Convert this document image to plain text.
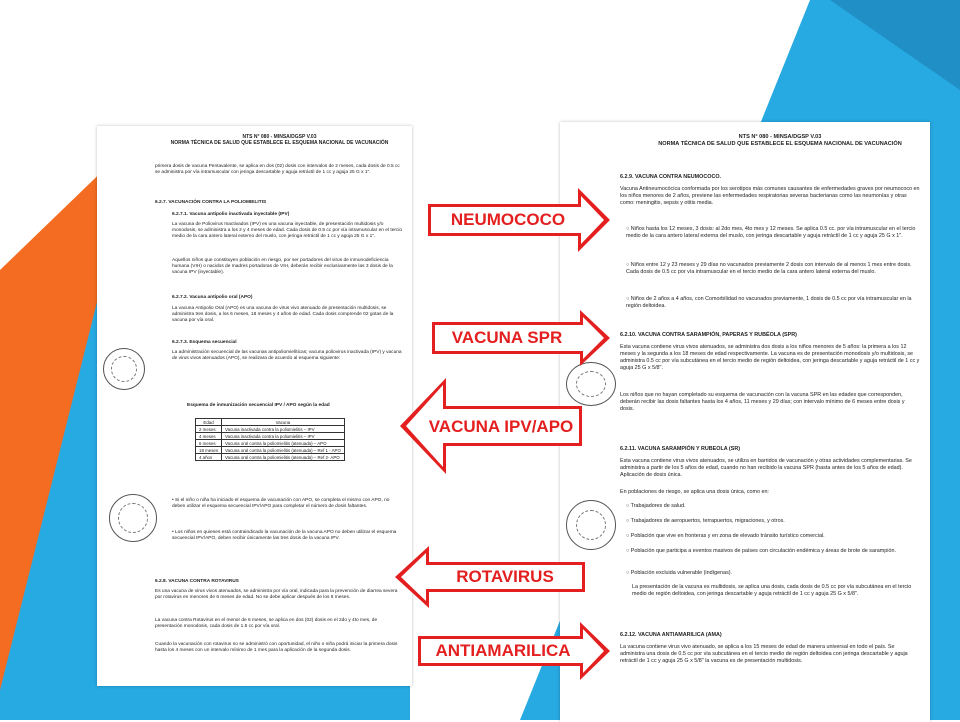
NTS N° 080 - MINSA/DGSP V.03
NORMA TÉCNICA DE SALUD QUE ESTABLECE EL ESQUEMA NACIONAL DE VACUNACIÓN
primera dosis de vacuna Pentavalente, se aplica en dos (02) dosis con intervalos de 2 meses, cada dosis de 0.5 cc se administra por vía intramuscular con jeringa descartable y aguja retráctil de 1 cc y aguja 25 G x 1".
6.2.7. VACUNACIÓN CONTRA LA POLIOMIELITIS
6.2.7.1. Vacuna antipolio inactivada inyectable (IPV)
La vacuna de Poliovirus Inactivados (IPV) es una vacuna inyectable, de presentación multidosis y/o monodosis, se administra a los 2 y 4 meses de edad. Cada dosis de 0.5 cc por vía intramuscular en el tercio medio de la cara antero lateral externo del muslo, con jeringa retráctil de 1 cc y aguja 25 G x 1".
Aquellos niños que constituyen población en riesgo, por ser portadores del virus de inmunodeficiencia humana (VIH) o nacidos de madres portadoras de VIH, deberán recibir exclusivamente las 3 dosis de la vacuna IPV (inyectable).
6.2.7.2. Vacuna antipolio oral (APO)
La vacuna Antipolio Oral (APO) es una vacuna de virus vivo atenuado de presentación multidosis, se administra tres dosis, a los 6 meses, 18 meses y 4 años de edad. Cada dosis comprende 02 gotas de la vacuna por vía oral.
6.2.7.3. Esquema secuencial
La administración secuencial de las vacunas antipoliomielíticas; vacuna poliovirus inactivada (IPV) y vacuna de virus vivos atenuados (APO), se realizara de acuerdo al esquema siguiente:
Esquema de inmunización secuencial IPV / APO según la edad
Edad	Vacuna
2 meses	Vacuna inactivada contra la poliomielitis – IPV
4 meses	Vacuna inactivada contra la poliomielitis – IPV
6 meses	Vacuna oral contra la poliomielitis (atenuada) – APO
18 meses	Vacuna oral contra la poliomielitis (atenuada) – Ref 1 - APO
4 años	Vacuna oral contra la poliomielitis (atenuada) – Ref 2- APO
• Si el niño o niña ha iniciado el esquema de vacunación con APO, se completa el mismo con APO, no deben utilizar el esquema secuencial IPV/APO para completar el número de dosis faltantes.
• Los niños en quienes está contraindicado la vacunación de la vacuna APO no deben utilizar el esquema secuencial IPV/APO, deben recibir únicamente las tres dosis de la vacuna IPV.
6.2.8. VACUNA CONTRA ROTAVIRUS
Es una vacuna de virus vivos atenuados, se administra por vía oral, indicada para la prevención de diarrea severa por rotavirus en menores de 6 meses de edad. No se debe aplicar después de los 6 meses.
La vacuna contra Rotavirus en el menor de 6 meses, se aplica en dos (02) dosis en el 2do y 4to mes, de presentación monodosis, cada dosis de 1.5 cc por vía oral.
Cuando la vacunación con rotavirus no se administró con oportunidad, el niño o niña podrá iniciar la primera dosis hasta los 4 meses con un intervalo mínimo de 1 mes para la aplicación de la segunda dosis.
NTS N° 080 - MINSA/DGSP V.03
NORMA TÉCNICA DE SALUD QUE ESTABLECE EL ESQUEMA NACIONAL DE VACUNACIÓN
6.2.9. VACUNA CONTRA NEUMOCOCO.
Vacuna Antineumocócica conformada por los serotipos más comunes causantes de enfermedades graves por neumococo en los niños menores de 2 años, previene las enfermedades respiratorias severas bacterianas como las neumonías y otras como: meningitis, sepsis y otitis media.
○ Niños hasta los 12 meses, 3 dosis: al 2do mes, 4to mes y 12 meses. Se aplica 0.5 cc. por vía intramuscular en el tercio medio de la cara antero lateral externa del muslo, con jeringa descartable y aguja retráctil de 1 cc y aguja 25 G x 1".
○ Niños entre 12 y 23 meses y 29 días no vacunados previamente 2 dosis con intervalo de al menos 1 mes entre dosis. Cada dosis de 0.5 cc por vía intramuscular en el tercio medio de la cara antero lateral externa del muslo.
○ Niños de 2 años a 4 años, con Comorbilidad no vacunados previamente, 1 dosis de 0.5 cc por vía intramuscular en la región deltoidea.
6.2.10. VACUNA CONTRA SARAMPIÓN, PAPERAS Y RUBÉOLA (SPR)
Esta vacuna contiene virus vivos atenuados, se administra dos dosis a los niños menores de 5 años: la primera a los 12 meses y la segunda a los 18 meses de edad respectivamente. La vacuna es de presentación monodosis y/o multidosis, se administra 0.5 cc por vía subcutánea en el tercio medio de región deltoidea, con jeringa descartable y aguja retráctil de 1 cc y aguja 25 G x 5/8".
Los niños que no hayan completado su esquema de vacunación con la vacuna SPR en las edades que corresponden, deberán recibir las dosis faltantes hasta los 4 años, 11 meses y 29 días; con intervalo mínimo de 6 meses entre dosis y dosis.
6.2.11. VACUNA SARAMPIÓN Y RUBEOLA (SR)
Esta vacuna contiene virus vivos atenuados, se utiliza en barridos de vacunación y otras actividades complementarias. Se administra a partir de los 5 años de edad, cuando no han recibido la vacuna SPR (hasta antes de los 5 años de edad). Aplicación de dosis única.
En poblaciones de riesgo, se aplica una dosis única, como en:
○ Trabajadores de salud.
○ Trabajadores de aeropuertos, terrapuertos, migraciones, y otros.
○ Población que vive en fronteras y en zona de elevado tránsito turístico comercial.
○ Población que participa a eventos masivos de países con circulación endémica y áreas de brote de sarampión.
○ Población excluida vulnerable (indígenas).
La presentación de la vacuna es multidosis, se aplica una dosis, cada dosis de 0.5 cc por vía subcutánea en el tercio medio de región deltoidea, con jeringa descartable y aguja retráctil de 1 cc y aguja 25 G x 5/8".
6.2.12. VACUNA ANTIAMARILICA (AMA)
La vacuna contiene virus vivo atenuado, se aplica a los 15 meses de edad de manera universal en todo el país. Se administra una dosis de 0.5 cc por vía subcutánea en el tercio medio de región deltoidea con jeringa descartable y aguja retráctil de 1 cc y aguja 25 G x 5/8" la vacuna es de presentación multidosis.
NEUMOCOCO
VACUNA SPR
VACUNA IPV/APO
ROTAVIRUS
ANTIAMARILICA
